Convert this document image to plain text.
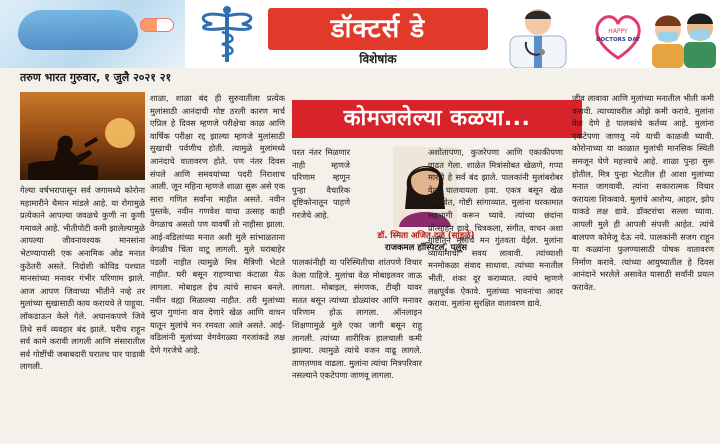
डॉक्टर्स डे
विशेषांक
HAPPY
DOCTORS DAY
तरुण भारत गुरुवार, १ जुलै २०२१ २१
कोमजलेल्या कळया...
डॉ. स्मिता अजित दळे (सांडुळे)
राजकमल हॉस्पिटल, पलूस

गेल्या वर्षभरापासून सर्व जगामध्ये कोरोना महामारीने थैमान मांडले आहे. या रोगामुळे प्रत्येकाने आपल्या जवळचे कुणी ना कुणी गमावले आहे. भीतीपोटी कमी झालेल्यामुळे आपल्या जीवनावश्यक मानसांना भेटण्यापासी एक अनामिक ओढ मनात कुठेतरी असते. निदोशी कोविड पश्चात मानसांच्या मनावर गंभीर परिणाम झाले. आज आपण जिवाच्या भीतीने नव्हे तर मुलांच्या सुखासाठी काय करायचे ते पाहूया. लॉकडाऊन केले गेले. अचानकपणे जिवे तिथे सर्व व्यवहार बंद झाले. घरीच राहून सर्व कामे करावी लागली आणि संसारातील सर्व गोष्टींची जबाबदारी घरातच पार पाडावी लागली.

शाळा, शाळा बंद ही सुरुवातीला प्रत्येक मुलांसाठी आनंदाची गोष्ट ठरली कारण मार्च एप्रिल हे दिवस म्हणजे परीक्षेचा काळ आणि वार्षिक परीक्षा रद्द झाल्या म्हणजे मुलांसाठी सुखाची पर्वणीच होती. त्यामुळे मुलांमध्ये आनंदाचे वातावरण होते. पण नंतर दिवस संपले आणि समवयांच्या पदरी निराशाच आली. जून महिना म्हणजे शाळा सुरू असे एक सारा गणित सर्वांना माहीत असते. नवीन पुस्तके, नवीन गणवेश याचा उत्साह काही वेगळाच असतो पण यावर्षी तो नाहीसा झाला. आई-वडिलांच्या मनात अशी मुले सांभाळताना वेगळीच चिंता वाटू लागली. मुले घराबाहेर पडली नाहीत त्यामुळे मित्र मैत्रिणी भेटले नाहीत. घरी बसून राहण्याचा कंटाळा येऊ लागला. मोबाइल हेच त्यांचे साधन बनले. नवीन वह्या मिळाल्या नाहीत. तरी मुलांच्या सुप्त गुणांना वाव देणारे खेळ आणि वाचन यातून मुलांचे मन रमवता आले असते. आई-वडिलांनी मुलांच्या वेगवेगळ्या गरजांकडे लक्ष देणे गरजेचे आहे.

परत नंतर मिळणार नाही म्हणजे परिणाम म्हणून पुन्हा वैचारिक दृष्टिकोनातून पाहणे गरजेचे आहे.

पालकांनीही या परिस्थितीचा शांतपणे विचार केला पाहिजे. मुलांचा वेळ मोबाइलवर जाऊ लागला. मोबाइल, संगणक, टीव्ही यावर सतत बसून त्यांच्या डोळ्यांवर आणि मनावर परिणाम होऊ लागला. ऑनलाइन शिक्षणामुळे मुले एका जागी बसून राहू लागली. त्यांच्या शारीरिक हालचाली कमी झाल्या. त्यामुळे त्यांचे वजन वाढू लागले. ताणतणाव वाढला. मुलांना त्यांचा मित्रपरिवार नसल्याने एकटेपणा जाणवू लागला.

अशोतापणा, कुजरेपणा आणि एकाकीपणा वाढत गेला. शाळेत मित्रांसोबत खेळणे, गप्पा मारणे हे सर्व बंद झाले. पालकांनी मुलांबरोबर वेळ घालवायला हवा. एकत्र बसून खेळ खेळावेत, गोष्टी सांगाव्यात. मुलांना घरकामात सहभागी करून घ्यावे. त्यांच्या छंदांना प्रोत्साहन द्यावे. चित्रकला, संगीत, वाचन अशा गोष्टींतून मुलांचे मन गुंतवता येईल. मुलांना व्यायामाची सवय लावावी. त्यांच्याशी मनमोकळा संवाद साधावा. त्यांच्या मनातील भीती, शंका दूर कराव्यात. त्यांचे म्हणणे लक्षपूर्वक ऐकावे. मुलांच्या भावनांचा आदर करावा. मुलांना सुरक्षित वातावरण द्यावे.

जीव लावावा आणि मुलांच्या मनातील भीती कमी करावी. त्याच्यावरील ओझे कमी करावे. मुलांना वेळ देणे हे पालकांचे कर्तव्य आहे. मुलांना एकटेपणा जाणवू नये याची काळजी घ्यावी. कोरोनाच्या या काळात मुलांची मानसिक स्थिती समजून घेणे महत्त्वाचे आहे. शाळा पुन्हा सुरू होतील, मित्र पुन्हा भेटतील ही आशा मुलांच्या मनात जागवावी. त्यांना सकारात्मक विचार करायला शिकवावे. मुलांचे आरोग्य, आहार, झोप याकडे लक्ष द्यावे. डॉक्टरांचा सल्ला घ्यावा. आपली मुले ही आपली संपत्ती आहेत. त्यांचे बालपण कोमेजू देऊ नये. पालकांनी सजग राहून या कळ्यांना फुलण्यासाठी पोषक वातावरण निर्माण करावे. त्यांच्या आयुष्यातील हे दिवस आनंदाने भरलेले असावेत यासाठी सर्वांनी प्रयत्न करावेत.
